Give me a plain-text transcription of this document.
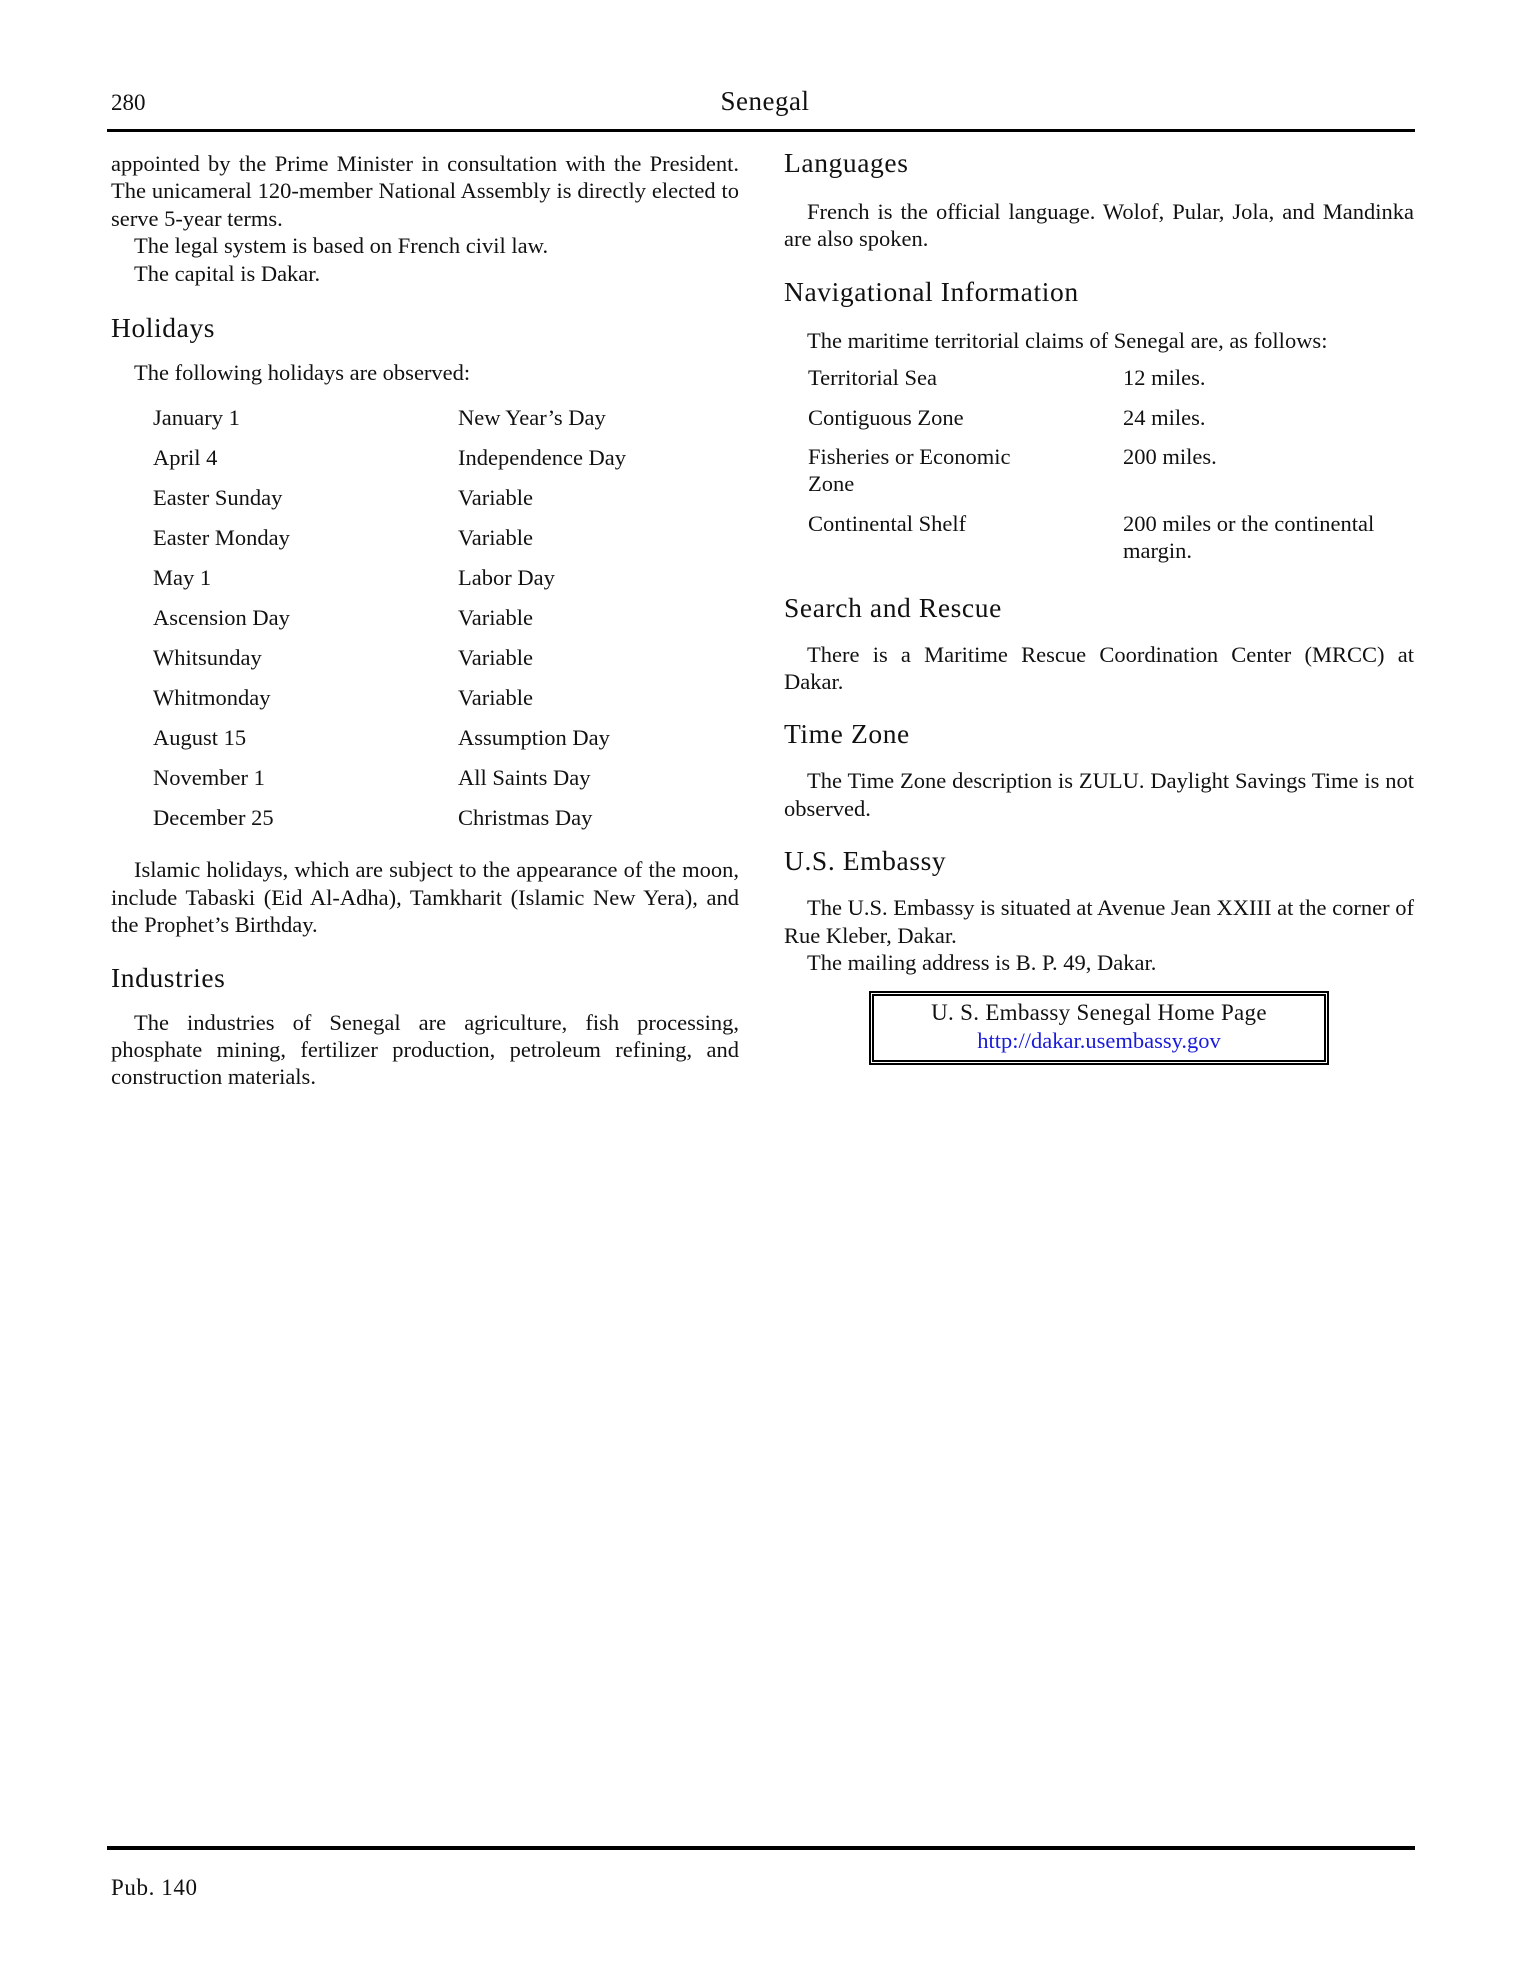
280	Senegal

appointed by the Prime Minister in consultation with the President. The unicameral 120-member National Assembly is directly elected to serve 5-year terms.

The legal system is based on French civil law.

The capital is Dakar.

Holidays

The following holidays are observed:

January 1	New Year’s Day
April 4	Independence Day
Easter Sunday	Variable
Easter Monday	Variable
May 1	Labor Day
Ascension Day	Variable
Whitsunday	Variable
Whitmonday	Variable
August 15	Assumption Day
November 1	All Saints Day
December 25	Christmas Day

Islamic holidays, which are subject to the appearance of the moon, include Tabaski (Eid Al-Adha), Tamkharit (Islamic New Yera), and the Prophet’s Birthday.

Industries

The industries of Senegal are agriculture, fish processing, phosphate mining, fertilizer production, petroleum refining, and construction materials.

Languages

French is the official language. Wolof, Pular, Jola, and Mandinka are also spoken.

Navigational Information

The maritime territorial claims of Senegal are, as follows:

Territorial Sea	12 miles.
Contiguous Zone	24 miles.
Fisheries or Economic Zone	200 miles.
Continental Shelf	200 miles or the continental margin.
Search and Rescue

There is a Maritime Rescue Coordination Center (MRCC) at Dakar.

Time Zone

The Time Zone description is ZULU. Daylight Savings Time is not observed.

U.S. Embassy

The U.S. Embassy is situated at Avenue Jean XXIII at the corner of Rue Kleber, Dakar.

The mailing address is B. P. 49, Dakar.

U. S. Embassy Senegal Home Page
http://dakar.usembassy.gov
Pub. 140
